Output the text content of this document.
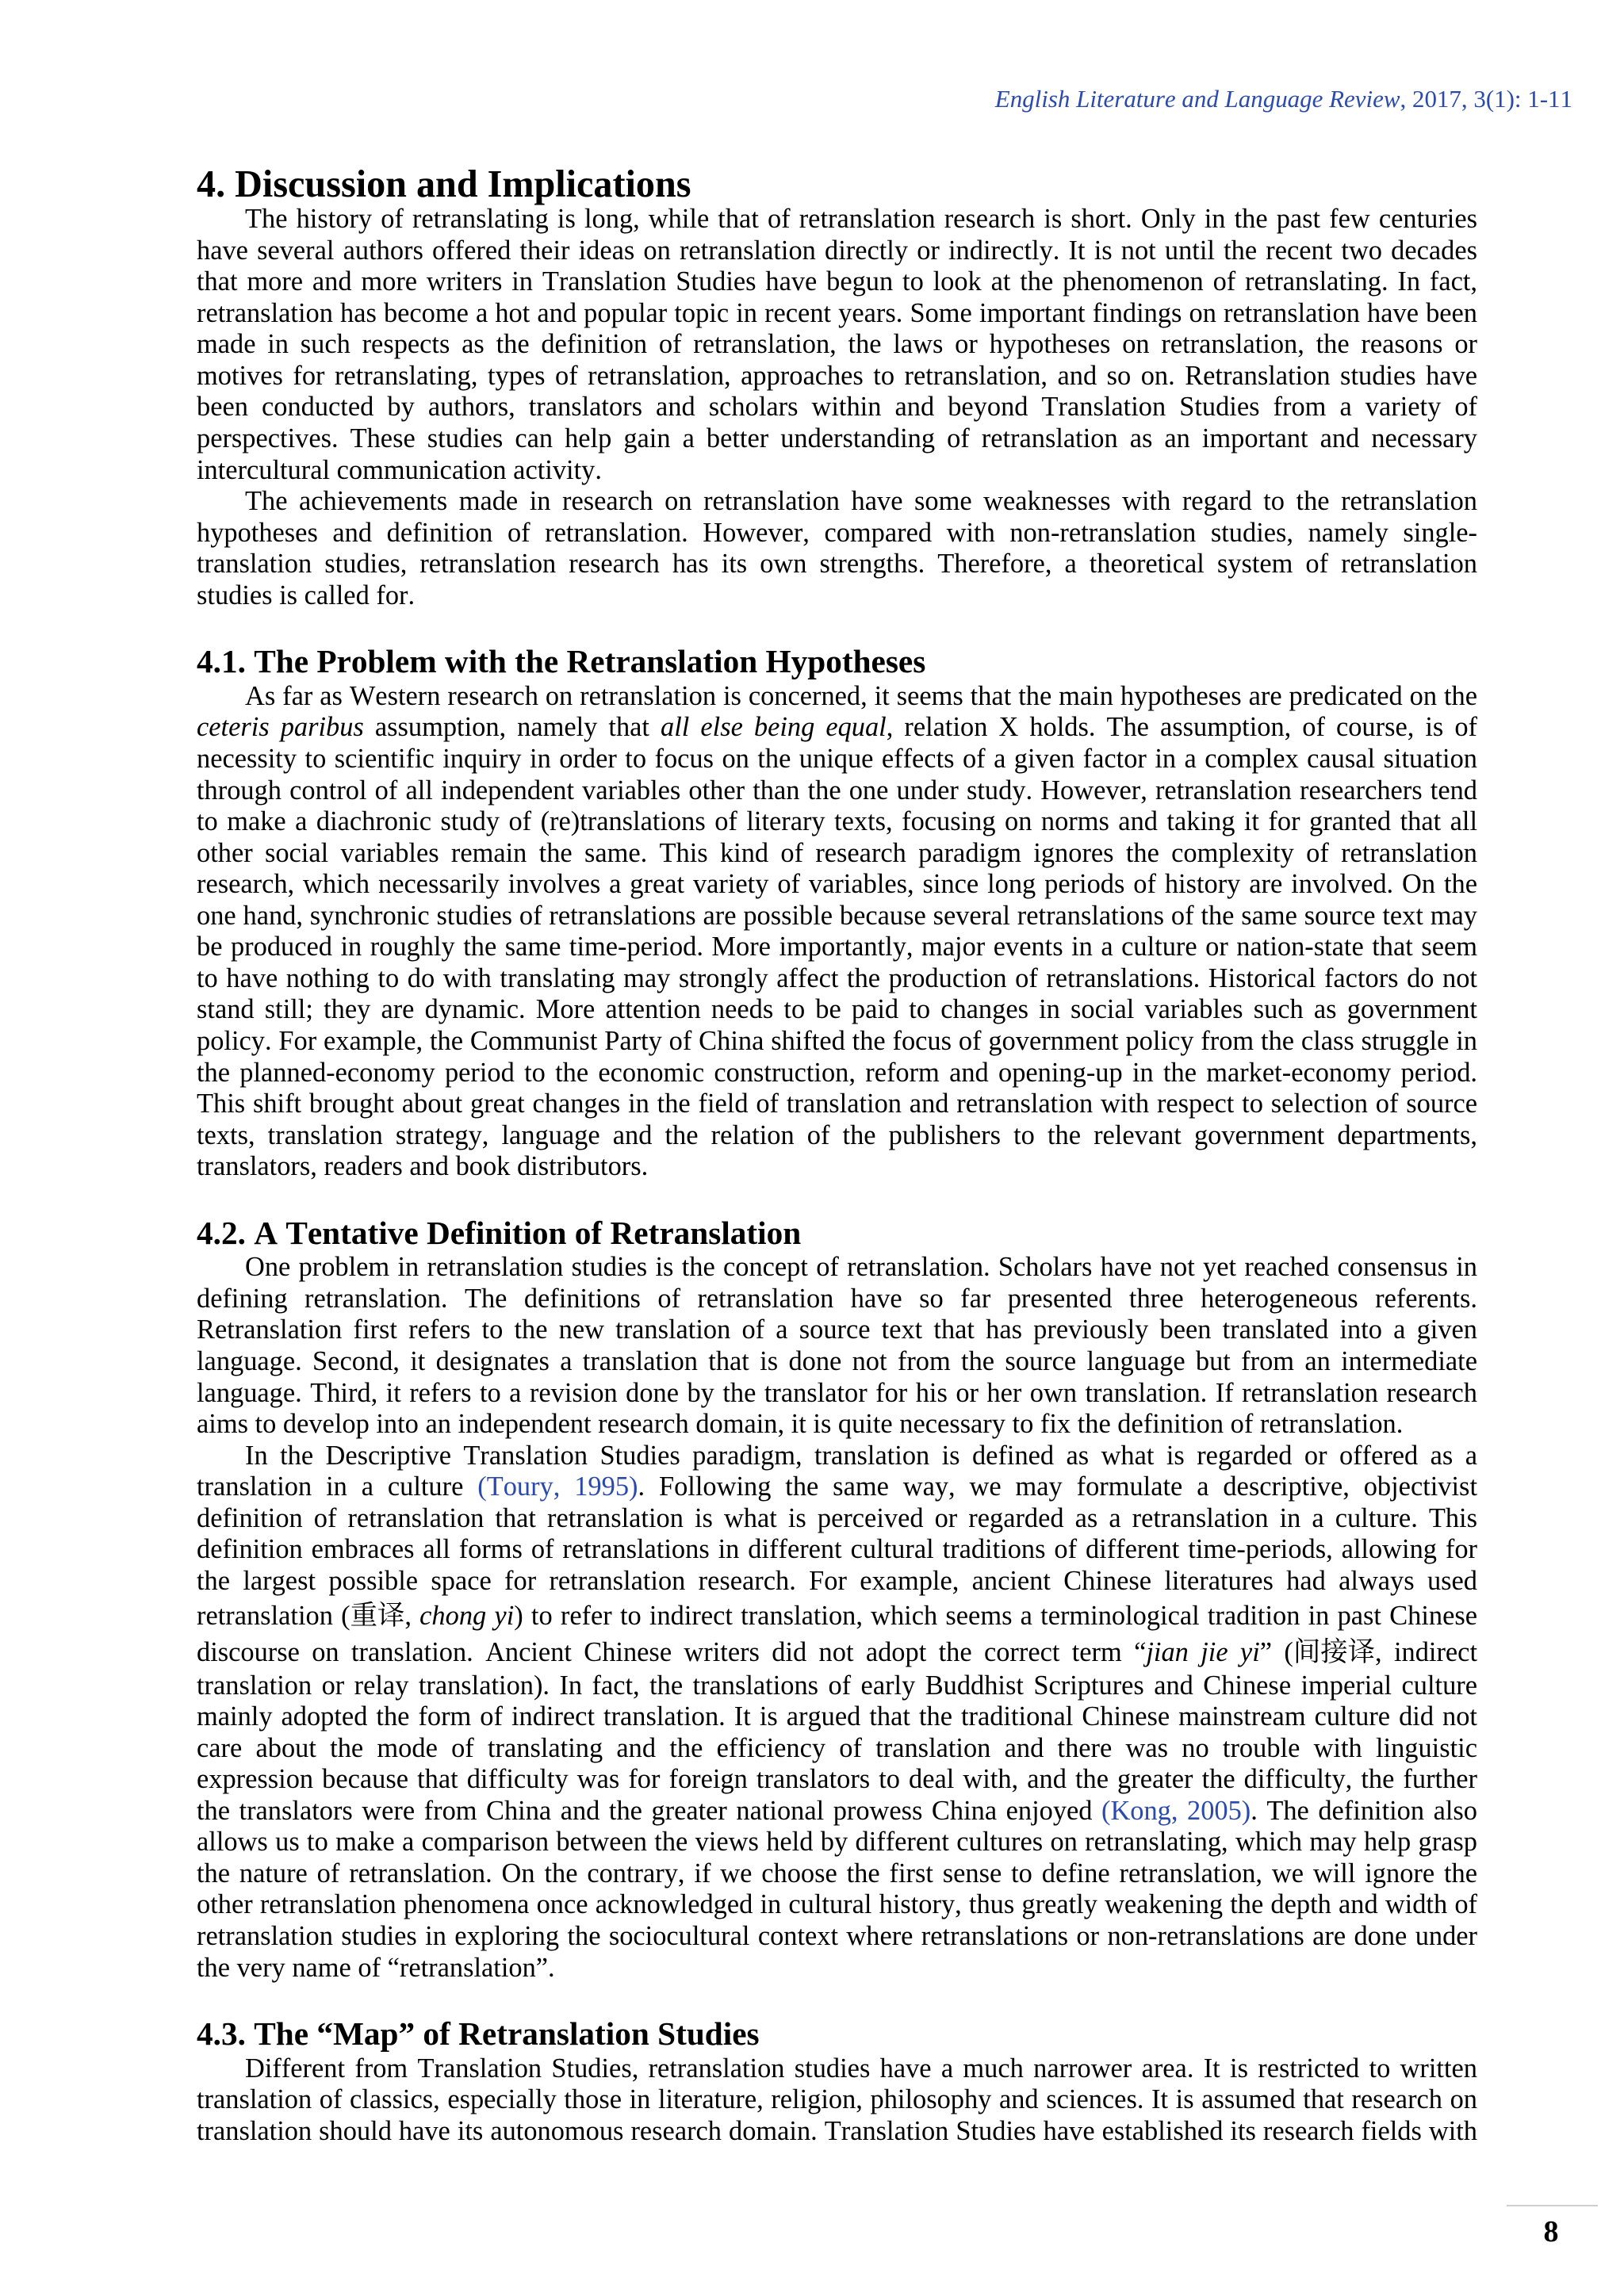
English Literature and Language Review, 2017, 3(1): 1-11
4. Discussion and Implications

The history of retranslating is long, while that of retranslation research is short. Only in the past few centuries have several authors offered their ideas on retranslation directly or indirectly. It is not until the recent two decades that more and more writers in Translation Studies have begun to look at the phenomenon of retranslating. In fact, retranslation has become a hot and popular topic in recent years. Some important findings on retranslation have been made in such respects as the definition of retranslation, the laws or hypotheses on retranslation, the reasons or motives for retranslating, types of retranslation, approaches to retranslation, and so on. Retranslation studies have been conducted by authors, translators and scholars within and beyond Translation Studies from a variety of perspectives. These studies can help gain a better understanding of retranslation as an important and necessary intercultural communication activity.

The achievements made in research on retranslation have some weaknesses with regard to the retranslation hypotheses and definition of retranslation. However, compared with non-retranslation studies, namely single-translation studies, retranslation research has its own strengths. Therefore, a theoretical system of retranslation studies is called for.

4.1. The Problem with the Retranslation Hypotheses

As far as Western research on retranslation is concerned, it seems that the main hypotheses are predicated on the ceteris paribus assumption, namely that all else being equal, relation X holds. The assumption, of course, is of necessity to scientific inquiry in order to focus on the unique effects of a given factor in a complex causal situation through control of all independent variables other than the one under study. However, retranslation researchers tend to make a diachronic study of (re)translations of literary texts, focusing on norms and taking it for granted that all other social variables remain the same. This kind of research paradigm ignores the complexity of retranslation research, which necessarily involves a great variety of variables, since long periods of history are involved. On the one hand, synchronic studies of retranslations are possible because several retranslations of the same source text may be produced in roughly the same time-period. More importantly, major events in a culture or nation-state that seem to have nothing to do with translating may strongly affect the production of retranslations. Historical factors do not stand still; they are dynamic. More attention needs to be paid to changes in social variables such as government policy. For example, the Communist Party of China shifted the focus of government policy from the class struggle in the planned-economy period to the economic construction, reform and opening-up in the market-economy period. This shift brought about great changes in the field of translation and retranslation with respect to selection of source texts, translation strategy, language and the relation of the publishers to the relevant government departments, translators, readers and book distributors.

4.2. A Tentative Definition of Retranslation

One problem in retranslation studies is the concept of retranslation. Scholars have not yet reached consensus in defining retranslation. The definitions of retranslation have so far presented three heterogeneous referents. Retranslation first refers to the new translation of a source text that has previously been translated into a given language. Second, it designates a translation that is done not from the source language but from an intermediate language. Third, it refers to a revision done by the translator for his or her own translation. If retranslation research aims to develop into an independent research domain, it is quite necessary to fix the definition of retranslation.

In the Descriptive Translation Studies paradigm, translation is defined as what is regarded or offered as a translation in a culture (Toury, 1995). Following the same way, we may formulate a descriptive, objectivist definition of retranslation that retranslation is what is perceived or regarded as a retranslation in a culture. This definition embraces all forms of retranslations in different cultural traditions of different time-periods, allowing for the largest possible space for retranslation research. For example, ancient Chinese literatures had always used retranslation (重译, chong yi) to refer to indirect translation, which seems a terminological tradition in past Chinese discourse on translation. Ancient Chinese writers did not adopt the correct term “jian jie yi” (间接译, indirect translation or relay translation). In fact, the translations of early Buddhist Scriptures and Chinese imperial culture mainly adopted the form of indirect translation. It is argued that the traditional Chinese mainstream culture did not care about the mode of translating and the efficiency of translation and there was no trouble with linguistic expression because that difficulty was for foreign translators to deal with, and the greater the difficulty, the further the translators were from China and the greater national prowess China enjoyed (Kong, 2005). The definition also allows us to make a comparison between the views held by different cultures on retranslating, which may help grasp the nature of retranslation. On the contrary, if we choose the first sense to define retranslation, we will ignore the other retranslation phenomena once acknowledged in cultural history, thus greatly weakening the depth and width of retranslation studies in exploring the sociocultural context where retranslations or non-retranslations are done under the very name of “retranslation”.

4.3. The “Map” of Retranslation Studies

Different from Translation Studies, retranslation studies have a much narrower area. It is restricted to written translation of classics, especially those in literature, religion, philosophy and sciences. It is assumed that research on translation should have its autonomous research domain. Translation Studies have established its research fields with

8
